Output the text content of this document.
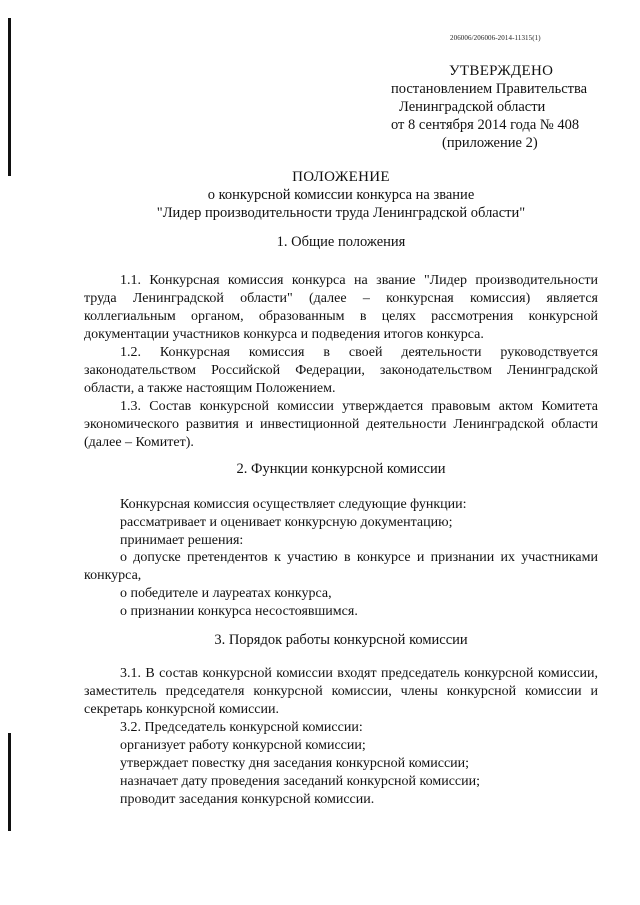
206006/206006-2014-11315(1)
УТВЕРЖДЕНО
постановлением Правительства
Ленинградской области
от 8 сентября 2014 года № 408
(приложение 2)
ПОЛОЖЕНИЕ
о конкурсной комиссии конкурса на звание
"Лидер производительности труда Ленинградской области"
1. Общие положения

1.1. Конкурсная комиссия конкурса на звание "Лидер производительности труда Ленинградской области" (далее – конкурсная комиссия) является коллегиальным органом, образованным в целях рассмотрения конкурсной документации участников конкурса и подведения итогов конкурса.

1.2. Конкурсная комиссия в своей деятельности руководствуется законодательством Российской Федерации, законодательством Ленинградской области, а также настоящим Положением.

1.3. Состав конкурсной комиссии утверждается правовым актом Комитета экономического развития и инвестиционной деятельности Ленинградской области (далее – Комитет).

2. Функции конкурсной комиссии
Конкурсная комиссия осуществляет следующие функции:
рассматривает и оценивает конкурсную документацию;
принимает решения:
о допуске претендентов к участию в конкурсе и признании их участниками конкурса,
о победителе и лауреатах конкурса,
о признании конкурса несостоявшимся.
3. Порядок работы конкурсной комиссии

3.1. В состав конкурсной комиссии входят председатель конкурсной комиссии, заместитель председателя конкурсной комиссии, члены конкурсной комиссии и секретарь конкурсной комиссии.

3.2. Председатель конкурсной комиссии:
организует работу конкурсной комиссии;
утверждает повестку дня заседания конкурсной комиссии;
назначает дату проведения заседаний конкурсной комиссии;
проводит заседания конкурсной комиссии.
